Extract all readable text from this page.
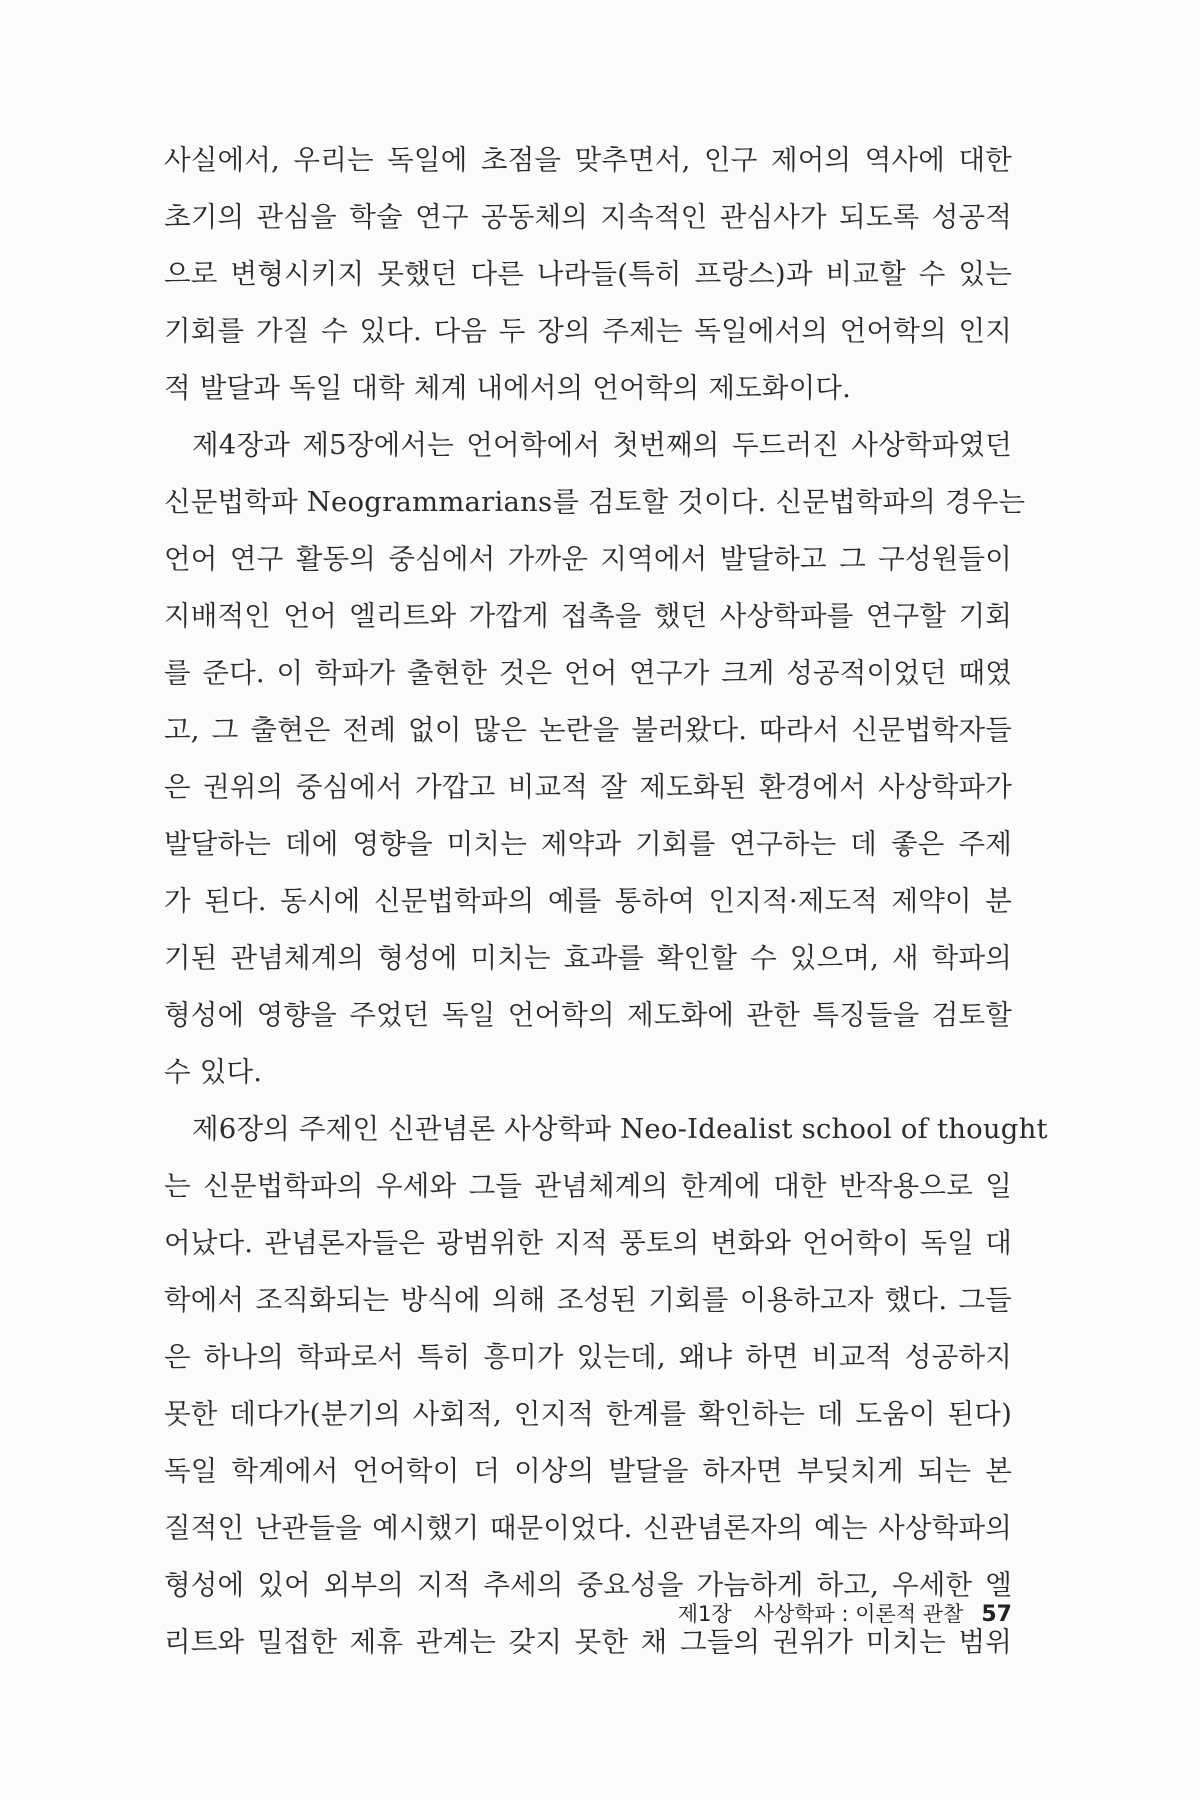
사실에서, 우리는 독일에 초점을 맞추면서, 인구 제어의 역사에 대한
초기의 관심을 학술 연구 공동체의 지속적인 관심사가 되도록 성공적
으로 변형시키지 못했던 다른 나라들(특히 프랑스)과 비교할 수 있는
기회를 가질 수 있다. 다음 두 장의 주제는 독일에서의 언어학의 인지
적 발달과 독일 대학 체계 내에서의 언어학의 제도화이다.
제4장과 제5장에서는 언어학에서 첫번째의 두드러진 사상학파였던
신문법학파 Neogrammarians를 검토할 것이다. 신문법학파의 경우는
언어 연구 활동의 중심에서 가까운 지역에서 발달하고 그 구성원들이
지배적인 언어 엘리트와 가깝게 접촉을 했던 사상학파를 연구할 기회
를 준다. 이 학파가 출현한 것은 언어 연구가 크게 성공적이었던 때였
고, 그 출현은 전례 없이 많은 논란을 불러왔다. 따라서 신문법학자들
은 권위의 중심에서 가깝고 비교적 잘 제도화된 환경에서 사상학파가
발달하는 데에 영향을 미치는 제약과 기회를 연구하는 데 좋은 주제
가 된다. 동시에 신문법학파의 예를 통하여 인지적·제도적 제약이 분
기된 관념체계의 형성에 미치는 효과를 확인할 수 있으며, 새 학파의
형성에 영향을 주었던 독일 언어학의 제도화에 관한 특징들을 검토할
수 있다.
제6장의 주제인 신관념론 사상학파 Neo-Idealist school of thought
는 신문법학파의 우세와 그들 관념체계의 한계에 대한 반작용으로 일
어났다. 관념론자들은 광범위한 지적 풍토의 변화와 언어학이 독일 대
학에서 조직화되는 방식에 의해 조성된 기회를 이용하고자 했다. 그들
은 하나의 학파로서 특히 흥미가 있는데, 왜냐 하면 비교적 성공하지
못한 데다가(분기의 사회적, 인지적 한계를 확인하는 데 도움이 된다)
독일 학계에서 언어학이 더 이상의 발달을 하자면 부딪치게 되는 본
질적인 난관들을 예시했기 때문이었다. 신관념론자의 예는 사상학파의
형성에 있어 외부의 지적 추세의 중요성을 가늠하게 하고, 우세한 엘
리트와 밀접한 제휴 관계는 갖지 못한 채 그들의 권위가 미치는 범위
제1장 사상학파 : 이론적 관찰 57
